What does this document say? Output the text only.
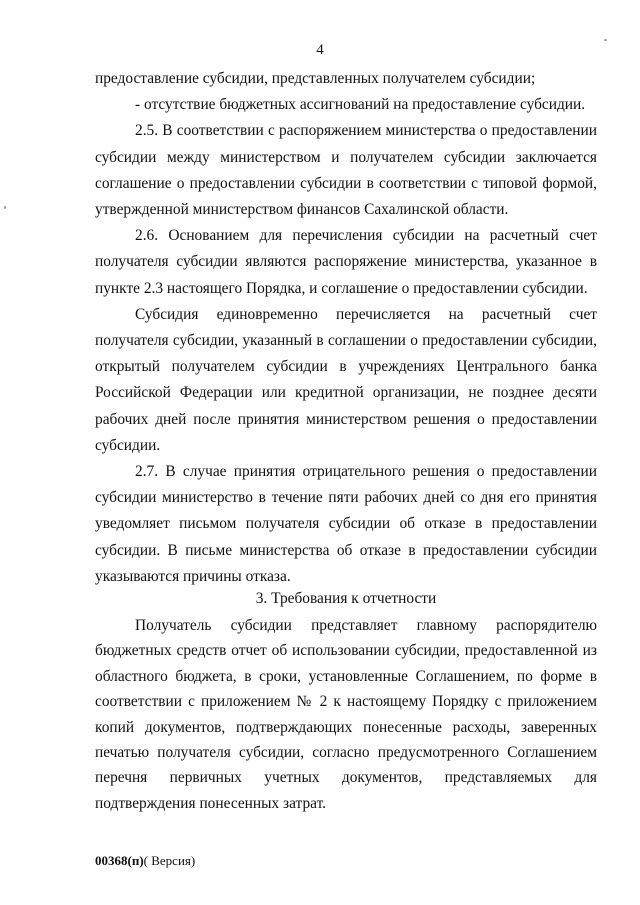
4

предоставление субсидии, представленных получателем субсидии;

- отсутствие бюджетных ассигнований на предоставление субсидии.

2.5. В соответствии с распоряжением министерства о предоставлении субсидии между министерством и получателем субсидии заключается соглашение о предоставлении субсидии в соответствии с типовой формой, утвержденной министерством финансов Сахалинской области.

2.6. Основанием для перечисления субсидии на расчетный счет получателя субсидии являются распоряжение министерства, указанное в пункте 2.3 настоящего Порядка, и соглашение о предоставлении субсидии.

Субсидия единовременно перечисляется на расчетный счет получателя субсидии, указанный в соглашении о предоставлении субсидии, открытый получателем субсидии в учреждениях Центрального банка Российской Федерации или кредитной организации, не позднее десяти рабочих дней после принятия министерством решения о предоставлении субсидии.

2.7. В случае принятия отрицательного решения о предоставлении субсидии министерство в течение пяти рабочих дней со дня его принятия уведомляет письмом получателя субсидии об отказе в предоставлении субсидии. В письме министерства об отказе в предоставлении субсидии указываются причины отказа.

3. Требования к отчетности

Получатель субсидии представляет главному распорядителю бюджетных средств отчет об использовании субсидии, предоставленной из областного бюджета, в сроки, установленные Соглашением, по форме в соответствии с приложением № 2 к настоящему Порядку с приложением копий документов, подтверждающих понесенные расходы, заверенных печатью получателя субсидии, согласно предусмотренного Соглашением перечня первичных учетных документов, представляемых для подтверждения понесенных затрат.

00368(п)( Версия)
